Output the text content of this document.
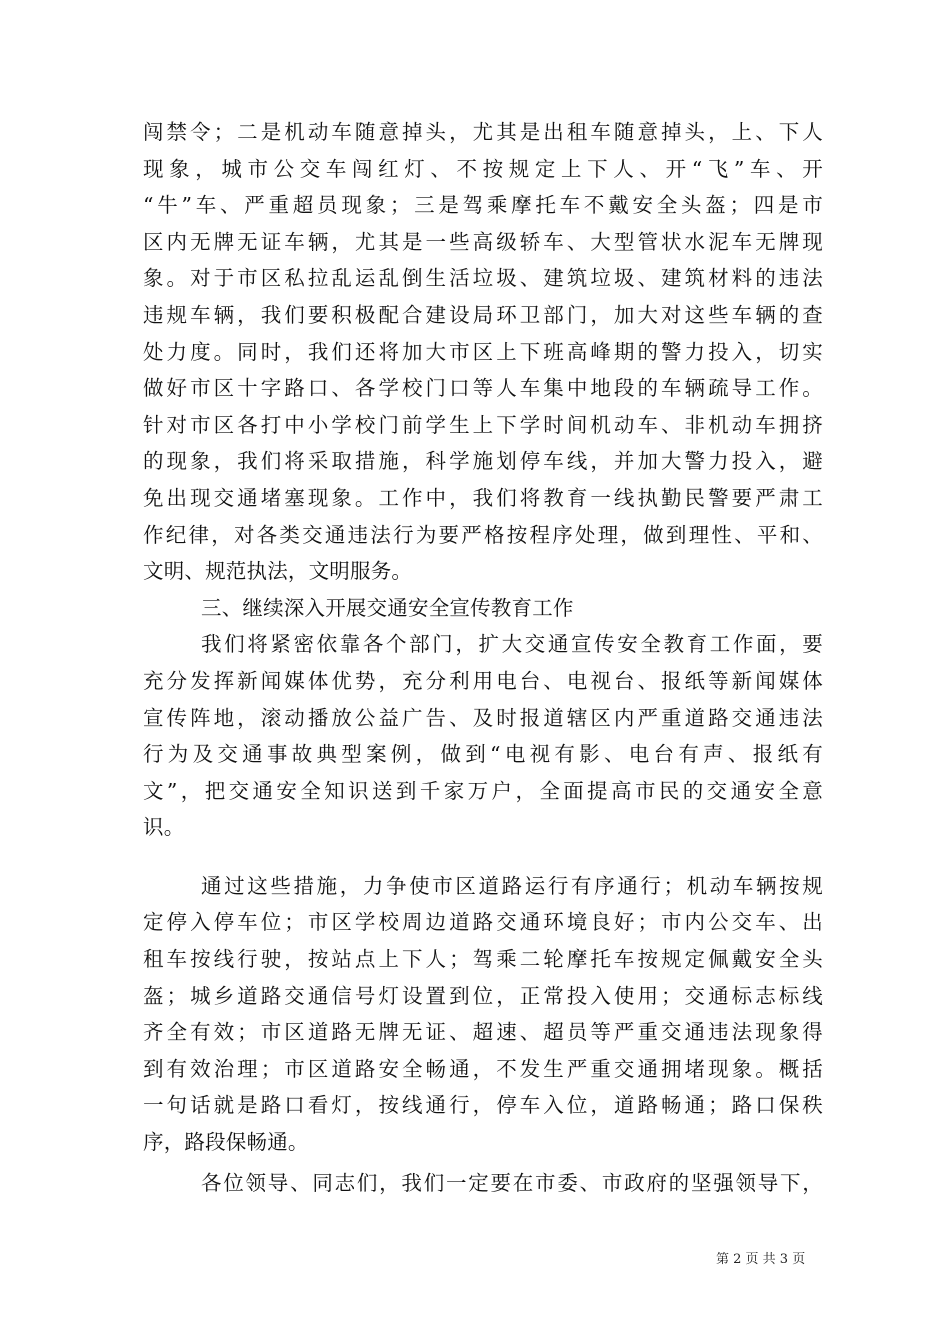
闯禁令；二是机动车随意掉头，尤其是出租车随意掉头，上、下人
现象，城市公交车闯红灯、不按规定上下人、开“飞”车、开
“牛”车、严重超员现象；三是驾乘摩托车不戴安全头盔；四是市
区内无牌无证车辆，尤其是一些高级轿车、大型管状水泥车无牌现
象。对于市区私拉乱运乱倒生活垃圾、建筑垃圾、建筑材料的违法
违规车辆，我们要积极配合建设局环卫部门，加大对这些车辆的查
处力度。同时，我们还将加大市区上下班高峰期的警力投入，切实
做好市区十字路口、各学校门口等人车集中地段的车辆疏导工作。
针对市区各打中小学校门前学生上下学时间机动车、非机动车拥挤
的现象，我们将采取措施，科学施划停车线，并加大警力投入，避
免出现交通堵塞现象。工作中，我们将教育一线执勤民警要严肃工
作纪律，对各类交通违法行为要严格按程序处理，做到理性、平和、
文明、规范执法，文明服务。
三、继续深入开展交通安全宣传教育工作
我们将紧密依靠各个部门，扩大交通宣传安全教育工作面，要
充分发挥新闻媒体优势，充分利用电台、电视台、报纸等新闻媒体
宣传阵地，滚动播放公益广告、及时报道辖区内严重道路交通违法
行为及交通事故典型案例，做到“电视有影、电台有声、报纸有
文”，把交通安全知识送到千家万户，全面提高市民的交通安全意
识。
通过这些措施，力争使市区道路运行有序通行；机动车辆按规
定停入停车位；市区学校周边道路交通环境良好；市内公交车、出
租车按线行驶，按站点上下人；驾乘二轮摩托车按规定佩戴安全头
盔；城乡道路交通信号灯设置到位，正常投入使用；交通标志标线
齐全有效；市区道路无牌无证、超速、超员等严重交通违法现象得
到有效治理；市区道路安全畅通，不发生严重交通拥堵现象。概括
一句话就是路口看灯，按线通行，停车入位，道路畅通；路口保秩
序，路段保畅通。
各位领导、同志们，我们一定要在市委、市政府的坚强领导下，
第 2 页 共 3 页
